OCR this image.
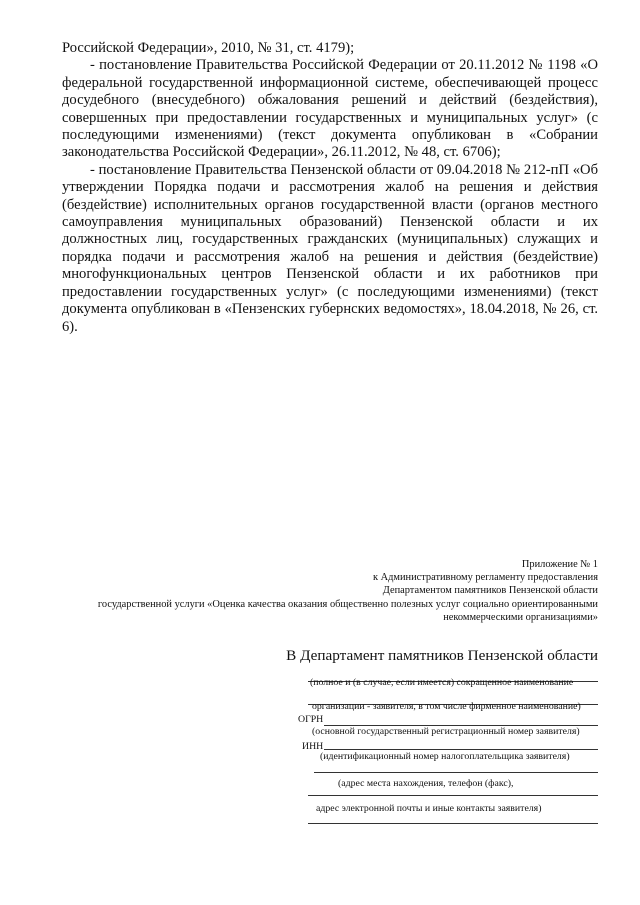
Российской Федерации», 2010, № 31, ст. 4179);

- постановление Правительства Российской Федерации от 20.11.2012 № 1198 «О федеральной государственной информационной системе, обеспечивающей процесс досудебного (внесудебного) обжалования решений и действий (бездействия), совершенных при предоставлении государственных и муниципальных услуг» (с последующими изменениями) (текст документа опубликован в «Собрании законодательства Российской Федерации», 26.11.2012, № 48, ст. 6706);

- постановление Правительства Пензенской области от 09.04.2018 № 212-пП «Об утверждении Порядка подачи и рассмотрения жалоб на решения и действия (бездействие) исполнительных органов государственной власти (органов местного самоуправления муниципальных образований) Пензенской области и их должностных лиц, государственных гражданских (муниципальных) служащих и порядка подачи и рассмотрения жалоб на решения и действия (бездействие) многофункциональных центров Пензенской области и их работников при предоставлении государственных услуг» (с последующими изменениями) (текст документа опубликован в «Пензенских губернских ведомостях», 18.04.2018, № 26, ст. 6).

Приложение № 1
к Административному регламенту предоставления
Департаментом памятников Пензенской области
государственной услуги «Оценка качества оказания общественно полезных услуг социально ориентированными
некоммерческими организациями»
В Департамент памятников Пензенской области
(полное и (в случае, если имеется) сокращенное наименование
организации - заявителя, в том числе фирменное наименование)
ОГРН
(основной государственный регистрационный номер заявителя)
ИНН
(идентификационный номер налогоплательщика заявителя)
(адрес места нахождения, телефон (факс),
адрес электронной почты и иные контакты заявителя)
